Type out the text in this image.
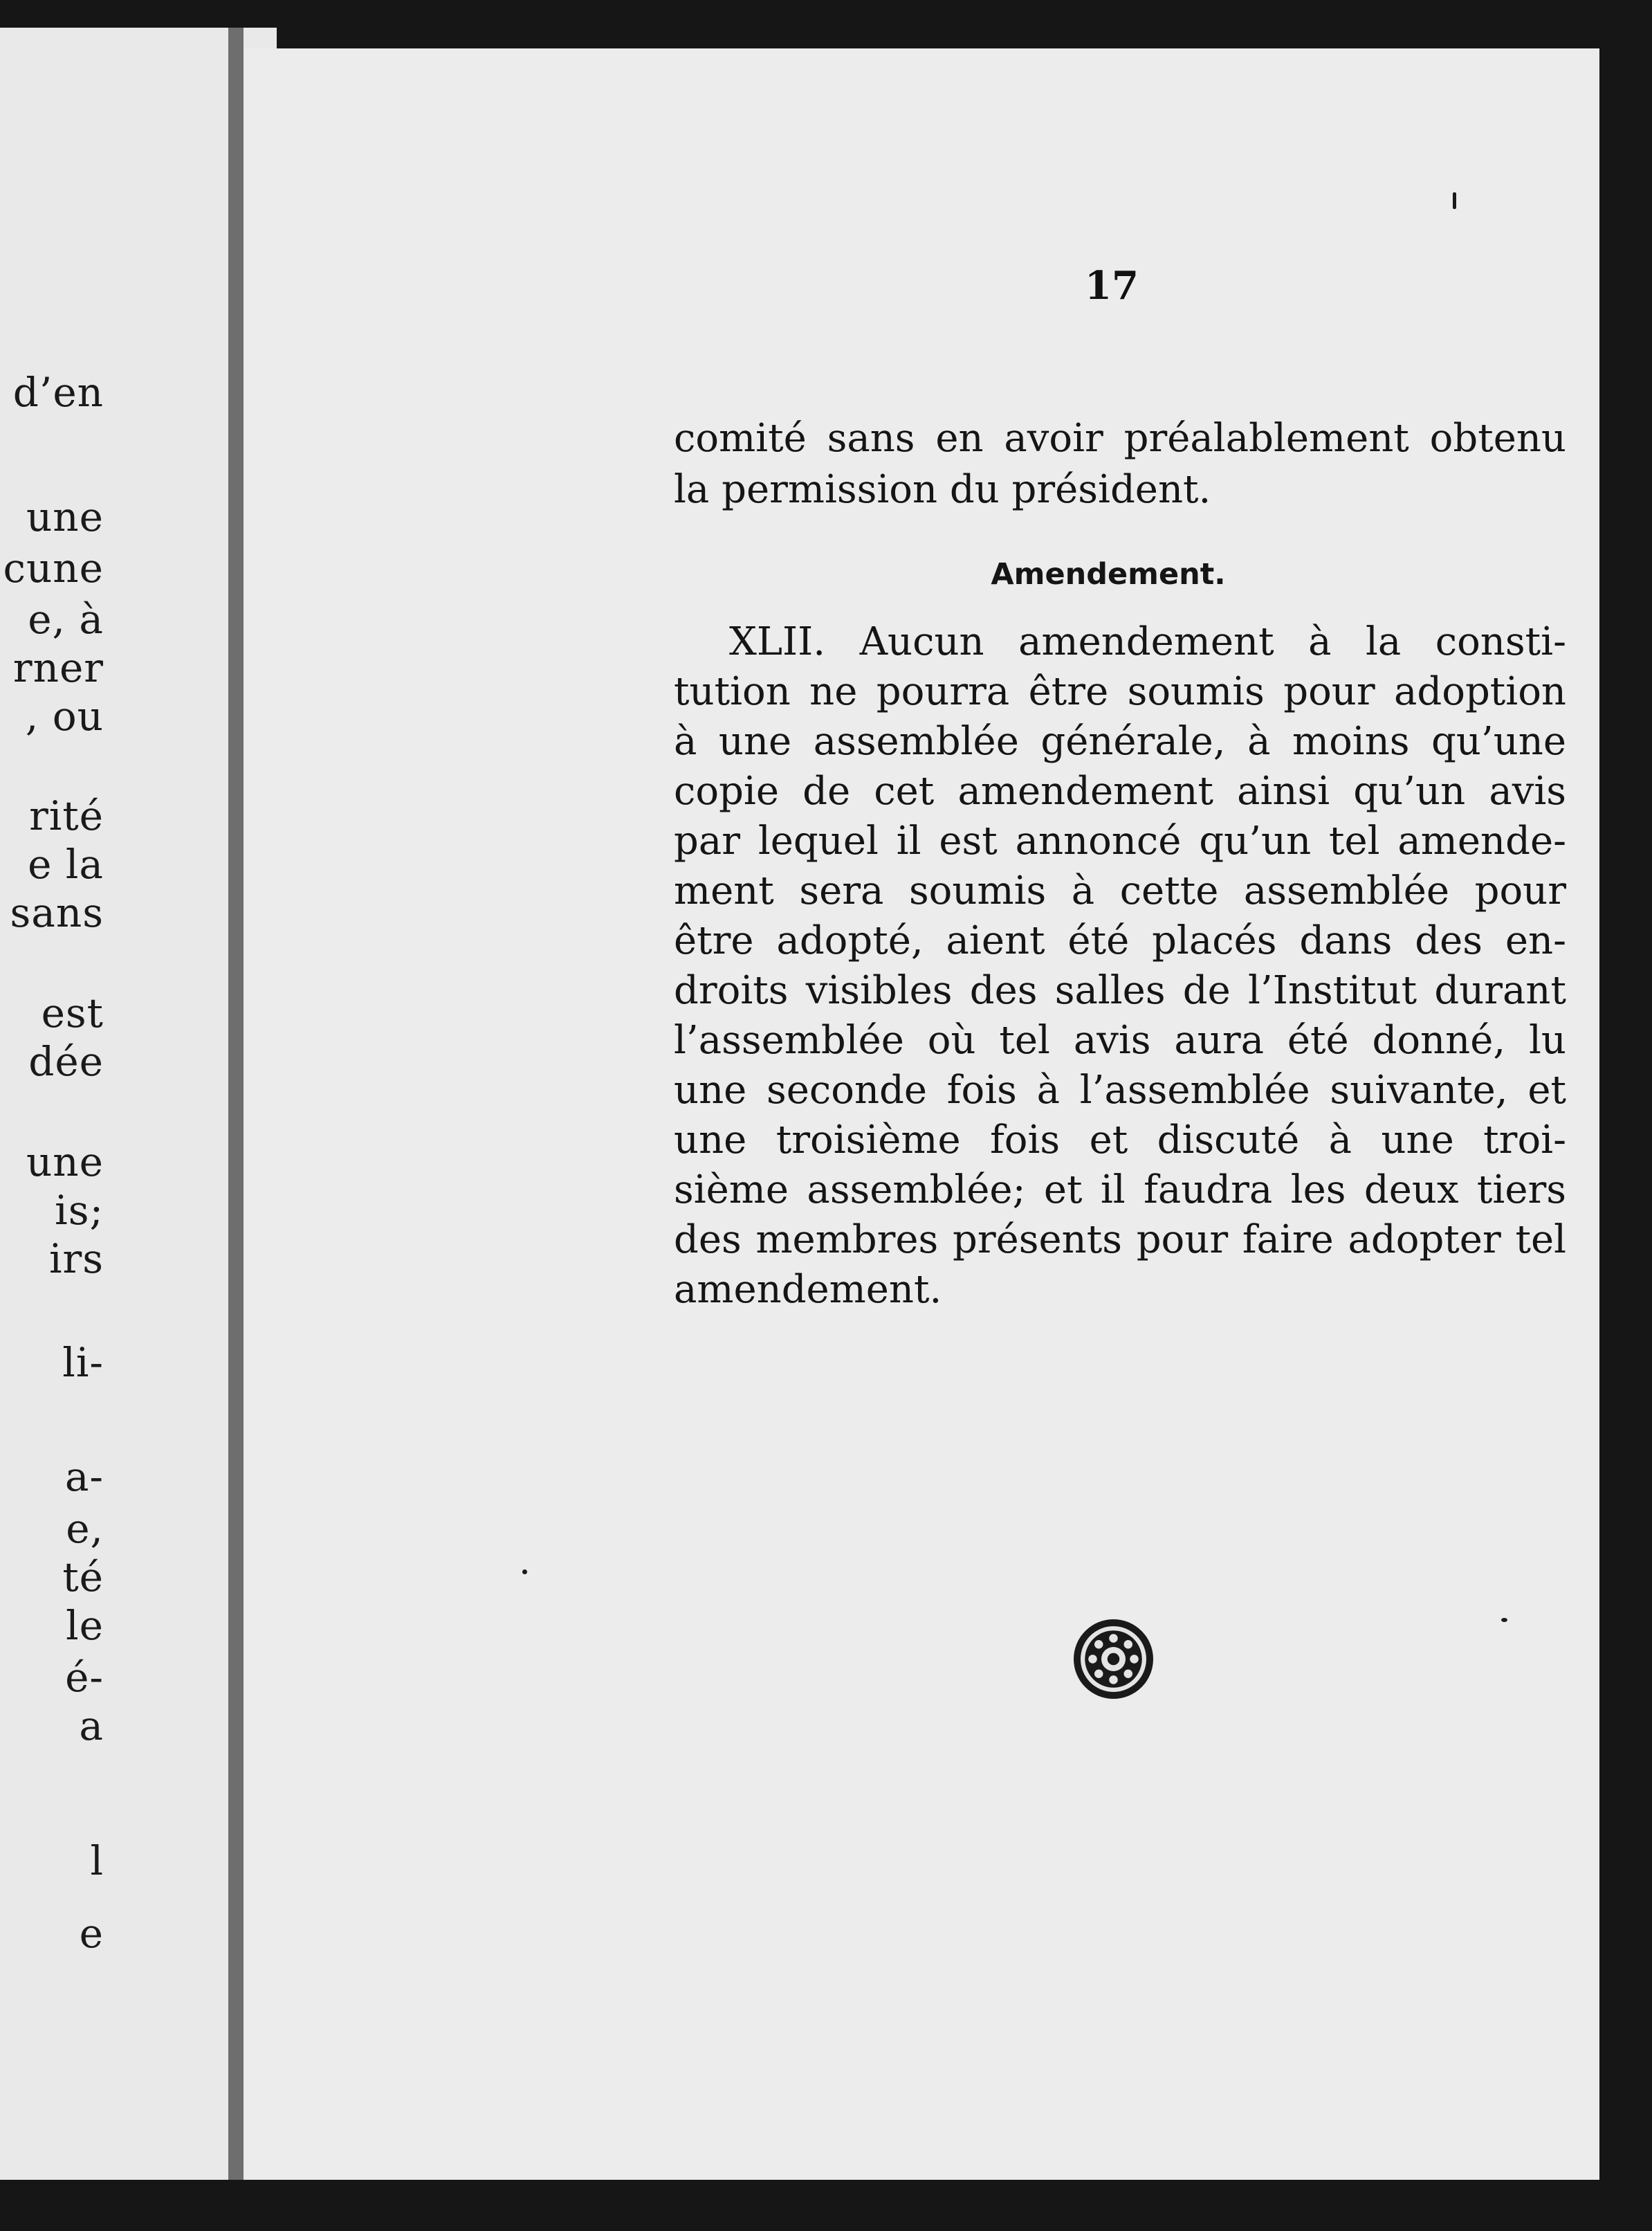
d’en
une
cune
e, à
rner
, ou
rité
e la
sans
est
dée
une
is;
irs
li-
a-
e,
té
le
é-
a
l
e
17
comité sans en avoir préalablement obtenu
la permission du président.
Amendement.
XLII. Aucun amendement à la consti-
tution ne pourra être soumis pour adoption
à une assemblée générale, à moins qu’une
copie de cet amendement ainsi qu’un avis
par lequel il est annoncé qu’un tel amende-
ment sera soumis à cette assemblée pour
être adopté, aient été placés dans des en-
droits visibles des salles de l’Institut durant
l’assemblée où tel avis aura été donné, lu
une seconde fois à l’assemblée suivante, et
une troisième fois et discuté à une troi-
sième assemblée; et il faudra les deux tiers
des membres présents pour faire adopter tel
amendement.
